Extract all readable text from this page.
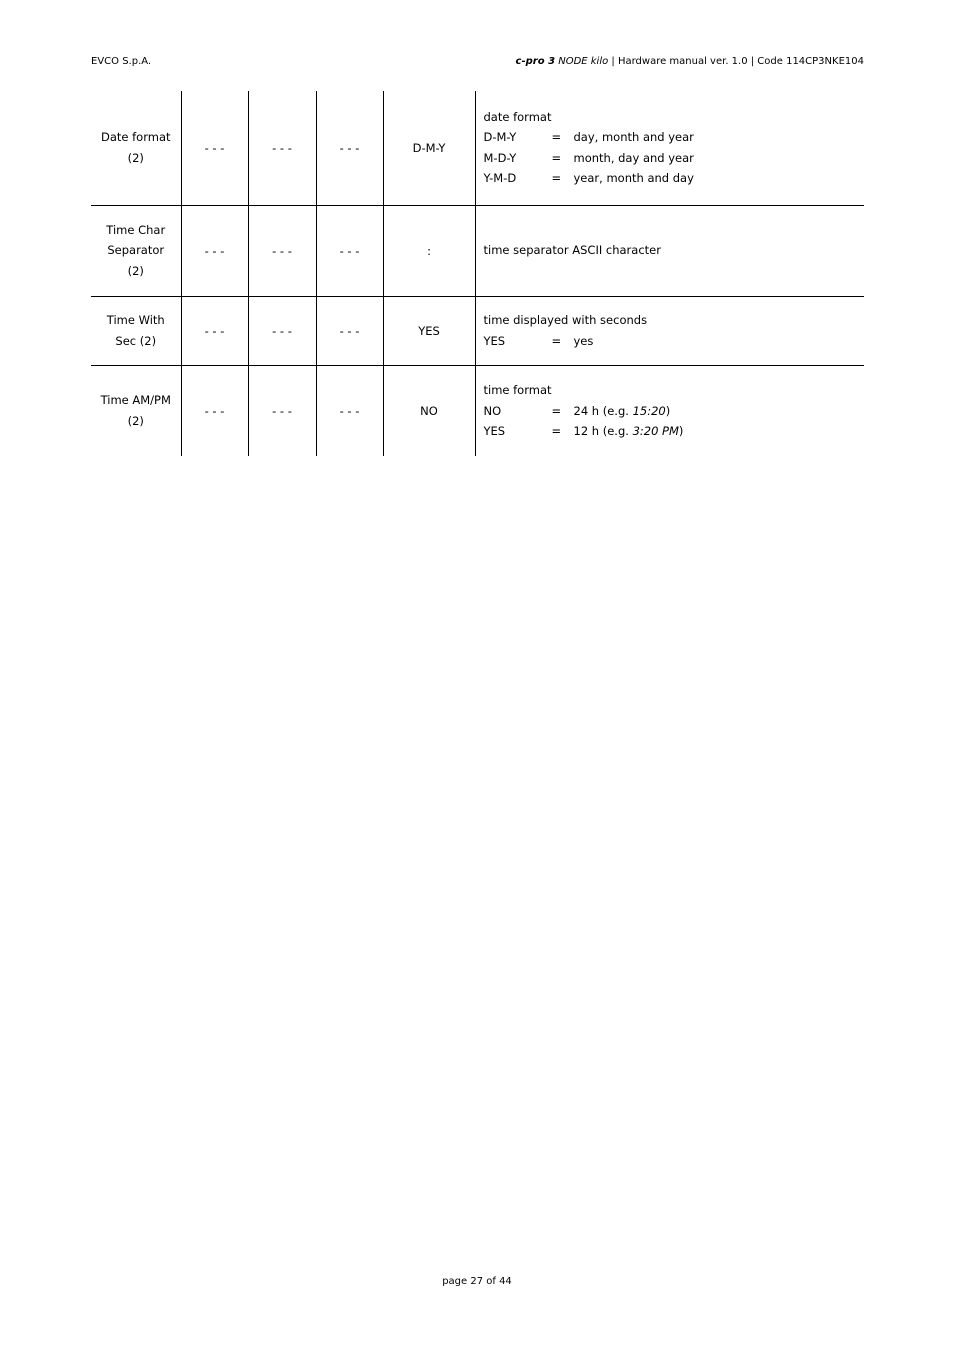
EVCO S.p.A.	c-pro 3 NODE kilo | Hardware manual ver. 1.0 | Code 114CP3NKE104
Date format (2)	- - -	- - -	- - -	D-M-Y	date format
D-M-Y = day, month and year
M-D-Y = month, day and year
Y-M-D = year, month and day

Time Char Separator (2)	- - -	- - -	- - -	:	time separator ASCII character

Time With Sec (2)	- - -	- - -	- - -	YES	time displayed with seconds
YES = yes

Time AM/PM (2)	- - -	- - -	- - -	NO	time format
NO = 24 h (e.g. 15:20)
YES = 12 h (e.g. 3:20 PM)
page 27 of 44
